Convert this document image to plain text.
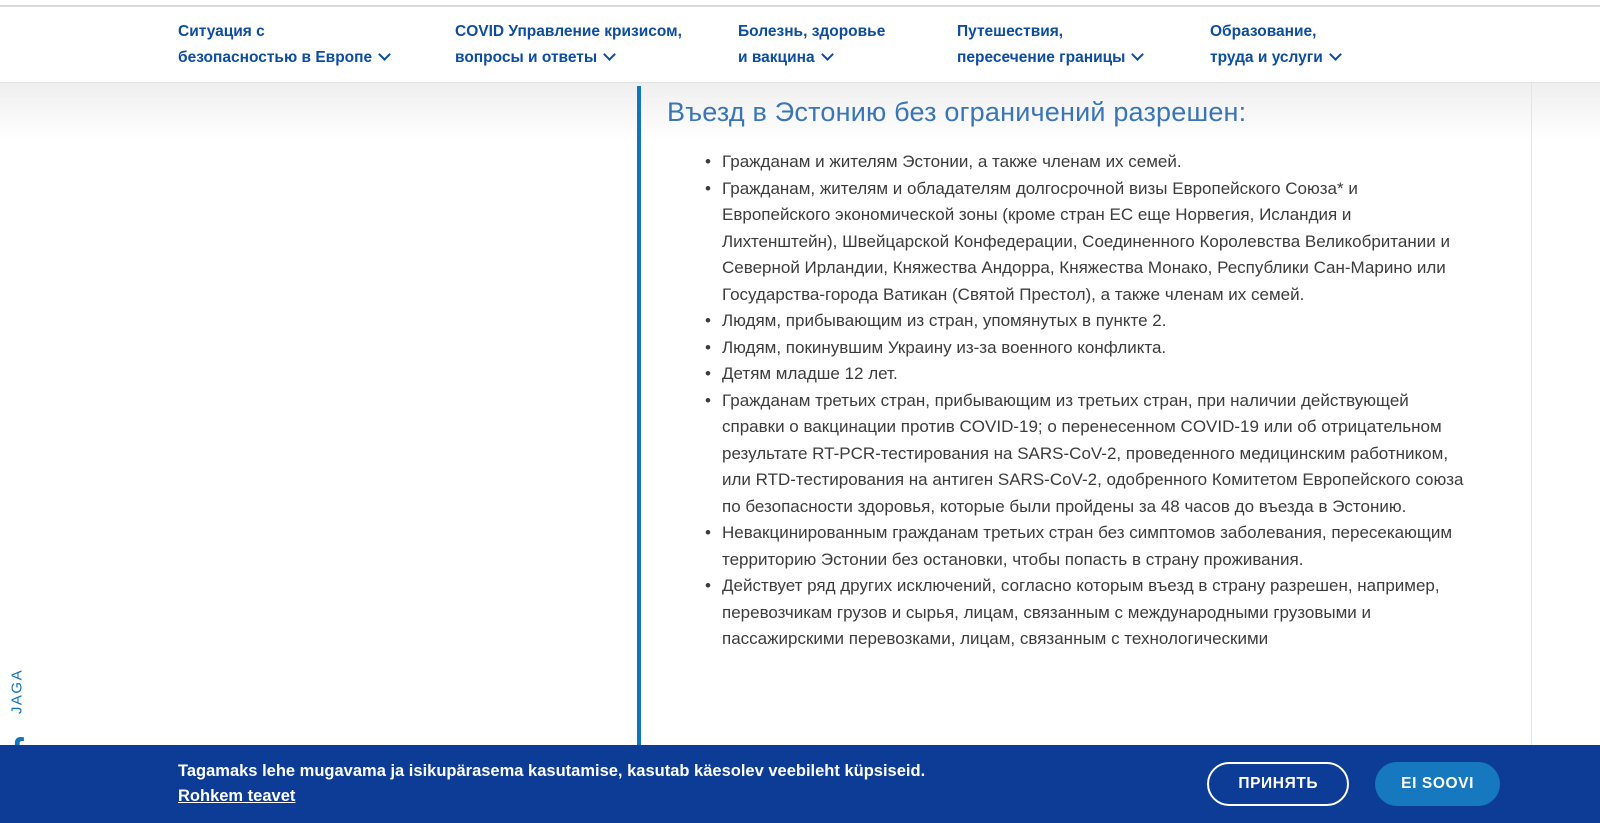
Ситуация с
безопасностью в Европе
COVID Управление кризисом,
вопросы и ответы
Болезнь, здоровье
и вакцина
Путешествия,
пересечение границы
Образование,
труда и услуги
JAGA
Въезд в Эстонию без ограничений разрешен:
• Гражданам и жителям Эстонии, а также членам их семей.
• Гражданам, жителям и обладателям долгосрочной визы Европейского Союза* и Европейского экономической зоны (кроме стран ЕС еще Норвегия, Исландия и Лихтенштейн), Швейцарской Конфедерации, Соединенного Королевства Великобритании и Северной Ирландии, Княжества Андорра, Княжества Монако, Республики Сан-Марино или Государства-города Ватикан (Святой Престол), а также членам их семей.
• Людям, прибывающим из стран, упомянутых в пункте 2.
• Людям, покинувшим Украину из-за военного конфликта.
• Детям младше 12 лет.
• Гражданам третьих стран, прибывающим из третьих стран, при наличии действующей справки о вакцинации против COVID-19; о перенесенном COVID-19 или об отрицательном результате RT-PCR-тестирования на SARS-CoV-2, проведенного медицинским работником, или RTD-тестирования на антиген SARS-CoV-2, одобренного Комитетом Европейского союза по безопасности здоровья, которые были пройдены за 48 часов до въезда в Эстонию.
• Невакцинированным гражданам третьих стран без симптомов заболевания, пересекающим территорию Эстонии без остановки, чтобы попасть в страну проживания.
• Действует ряд других исключений, согласно которым въезд в страну разрешен, например, перевозчикам грузов и сырья, лицам, связанным с международными грузовыми и пассажирскими перевозками, лицам, связанным с технологическими
Tagamaks lehe mugavama ja isikupärasema kasutamise, kasutab käesolev veebileht küpsiseid.
Rohkem teavet
ПРИНЯТЬ	EI SOOVI
